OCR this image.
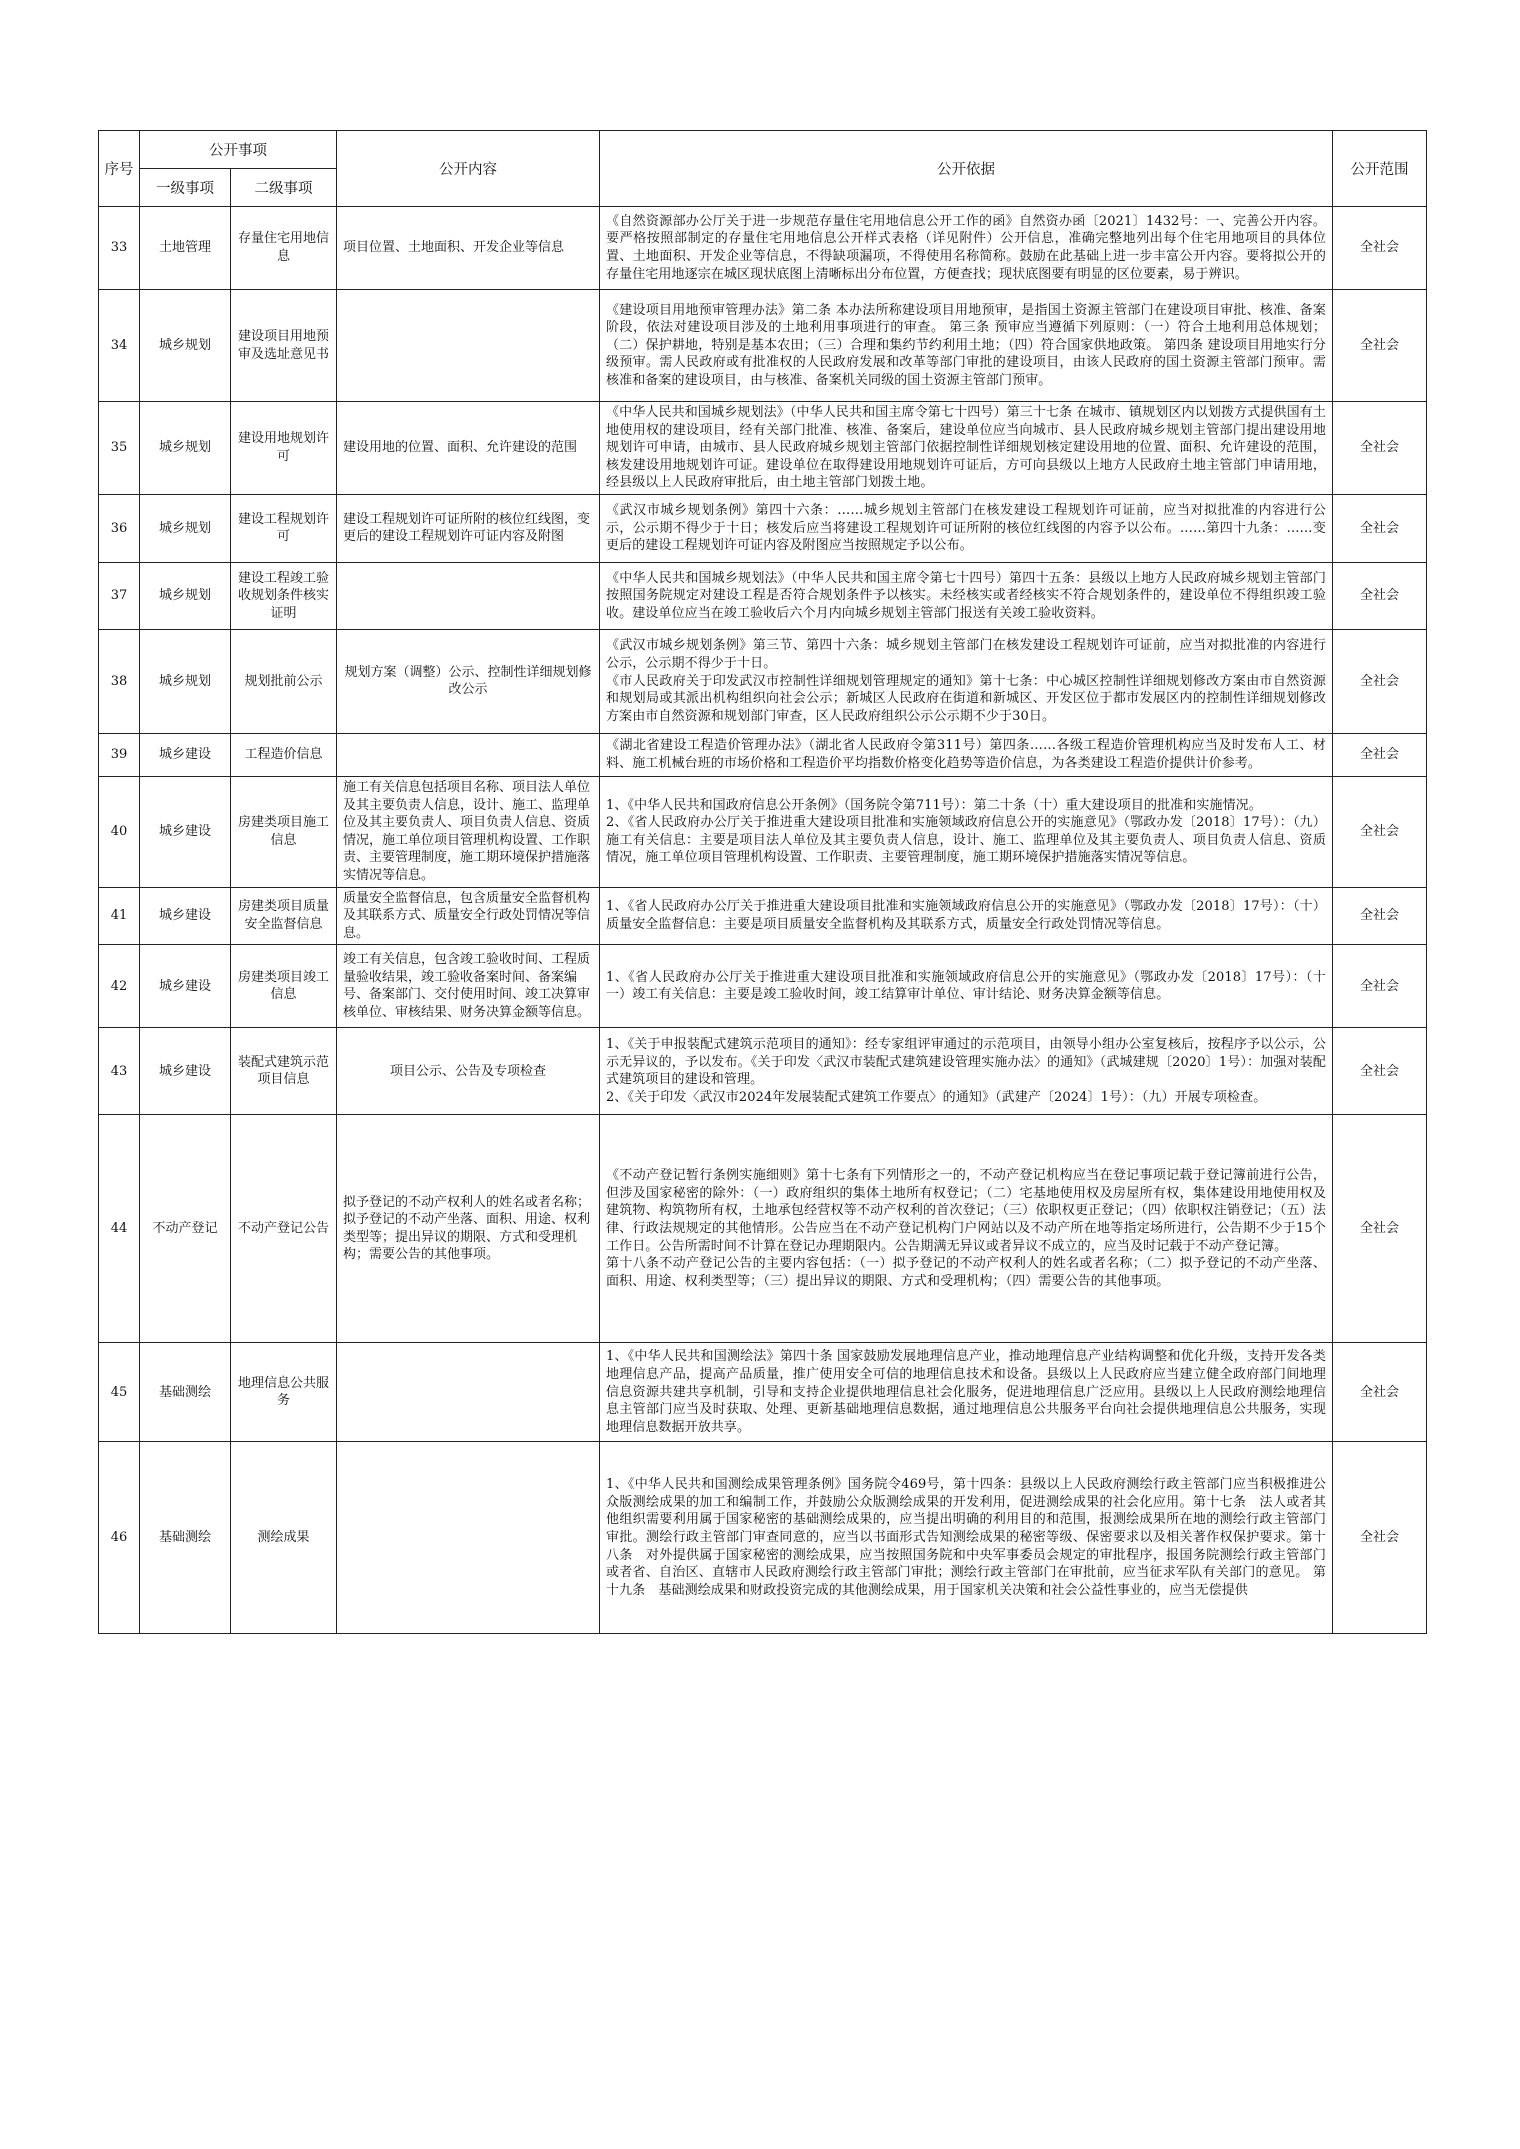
序号	公开事项		公开内容	公开依据	公开范围
	一级事项	二级事项			
33	土地管理	存量住宅用地信息	项目位置、土地面积、开发企业等信息	《自然资源部办公厅关于进一步规范存量住宅用地信息公开工作的函》自然资办函〔2021〕1432号：一、完善公开内容。要严格按照部制定的存量住宅用地信息公开样式表格（详见附件）公开信息，准确完整地列出每个住宅用地项目的具体位置、土地面积、开发企业等信息，不得缺项漏项，不得使用名称简称。鼓励在此基础上进一步丰富公开内容。要将拟公开的存量住宅用地逐宗在城区现状底图上清晰标出分布位置，方便查找；现状底图要有明显的区位要素，易于辨识。	全社会
34	城乡规划	建设项目用地预审及选址意见书		《建设项目用地预审管理办法》第二条 本办法所称建设项目用地预审，是指国土资源主管部门在建设项目审批、核准、备案阶段，依法对建设项目涉及的土地利用事项进行的审查。 第三条 预审应当遵循下列原则：（一）符合土地利用总体规划；（二）保护耕地，特别是基本农田；（三）合理和集约节约利用土地；（四）符合国家供地政策。 第四条 建设项目用地实行分级预审。需人民政府或有批准权的人民政府发展和改革等部门审批的建设项目，由该人民政府的国土资源主管部门预审。需核准和备案的建设项目，由与核准、备案机关同级的国土资源主管部门预审。	全社会
35	城乡规划	建设用地规划许可	建设用地的位置、面积、允许建设的范围	《中华人民共和国城乡规划法》（中华人民共和国主席令第七十四号）第三十七条 在城市、镇规划区内以划拨方式提供国有土地使用权的建设项目，经有关部门批准、核准、备案后，建设单位应当向城市、县人民政府城乡规划主管部门提出建设用地规划许可申请，由城市、县人民政府城乡规划主管部门依据控制性详细规划核定建设用地的位置、面积、允许建设的范围，核发建设用地规划许可证。建设单位在取得建设用地规划许可证后，方可向县级以上地方人民政府土地主管部门申请用地，经县级以上人民政府审批后，由土地主管部门划拨土地。	全社会
36	城乡规划	建设工程规划许可	建设工程规划许可证所附的核位红线图，变更后的建设工程规划许可证内容及附图	《武汉市城乡规划条例》第四十六条：……城乡规划主管部门在核发建设工程规划许可证前，应当对拟批准的内容进行公示，公示期不得少于十日；核发后应当将建设工程规划许可证所附的核位红线图的内容予以公布。……第四十九条：……变更后的建设工程规划许可证内容及附图应当按照规定予以公布。	全社会
37	城乡规划	建设工程竣工验收规划条件核实证明		《中华人民共和国城乡规划法》（中华人民共和国主席令第七十四号）第四十五条：县级以上地方人民政府城乡规划主管部门按照国务院规定对建设工程是否符合规划条件予以核实。未经核实或者经核实不符合规划条件的，建设单位不得组织竣工验收。建设单位应当在竣工验收后六个月内向城乡规划主管部门报送有关竣工验收资料。	全社会
38	城乡规划	规划批前公示	规划方案（调整）公示、控制性详细规划修改公示	《武汉市城乡规划条例》第三节、第四十六条：城乡规划主管部门在核发建设工程规划许可证前，应当对拟批准的内容进行公示，公示期不得少于十日。
《市人民政府关于印发武汉市控制性详细规划管理规定的通知》第十七条：中心城区控制性详细规划修改方案由市自然资源和规划局或其派出机构组织向社会公示；新城区人民政府在街道和新城区、开发区位于都市发展区内的控制性详细规划修改方案由市自然资源和规划部门审查，区人民政府组织公示公示期不少于30日。	全社会
39	城乡建设	工程造价信息		《湖北省建设工程造价管理办法》（湖北省人民政府令第311号）第四条……各级工程造价管理机构应当及时发布人工、材料、施工机械台班的市场价格和工程造价平均指数价格变化趋势等造价信息，为各类建设工程造价提供计价参考。	全社会
40	城乡建设	房建类项目施工信息	施工有关信息包括项目名称、项目法人单位及其主要负责人信息，设计、施工、监理单位及其主要负责人、项目负责人信息、资质情况，施工单位项目管理机构设置、工作职责、主要管理制度，施工期环境保护措施落实情况等信息。	1、《中华人民共和国政府信息公开条例》（国务院令第711号）：第二十条（十）重大建设项目的批准和实施情况。
2、《省人民政府办公厅关于推进重大建设项目批准和实施领域政府信息公开的实施意见》（鄂政办发〔2018〕17号）：（九）施工有关信息：主要是项目法人单位及其主要负责人信息，设计、施工、监理单位及其主要负责人、项目负责人信息、资质情况，施工单位项目管理机构设置、工作职责、主要管理制度，施工期环境保护措施落实情况等信息。	全社会
41	城乡建设	房建类项目质量安全监督信息	质量安全监督信息，包含质量安全监督机构及其联系方式、质量安全行政处罚情况等信息。	1、《省人民政府办公厅关于推进重大建设项目批准和实施领域政府信息公开的实施意见》（鄂政办发〔2018〕17号）：（十）质量安全监督信息：主要是项目质量安全监督机构及其联系方式，质量安全行政处罚情况等信息。	全社会
42	城乡建设	房建类项目竣工信息	竣工有关信息，包含竣工验收时间、工程质量验收结果，竣工验收备案时间、备案编号、备案部门、交付使用时间、竣工决算审核单位、审核结果、财务决算金额等信息。	1、《省人民政府办公厅关于推进重大建设项目批准和实施领域政府信息公开的实施意见》（鄂政办发〔2018〕17号）：（十一）竣工有关信息：主要是竣工验收时间，竣工结算审计单位、审计结论、财务决算金额等信息。	全社会
43	城乡建设	装配式建筑示范项目信息	项目公示、公告及专项检查	1、《关于申报装配式建筑示范项目的通知》：经专家组评审通过的示范项目，由领导小组办公室复核后，按程序予以公示，公示无异议的，予以发布。《关于印发〈武汉市装配式建筑建设管理实施办法〉的通知》（武城建规〔2020〕1号）：加强对装配式建筑项目的建设和管理。
2、《关于印发〈武汉市2024年发展装配式建筑工作要点〉的通知》（武建产〔2024〕1号）：（九）开展专项检查。	全社会
44	不动产登记	不动产登记公告	拟予登记的不动产权利人的姓名或者名称；拟予登记的不动产坐落、面积、用途、权利类型等；提出异议的期限、方式和受理机构；需要公告的其他事项。	《不动产登记暂行条例实施细则》第十七条有下列情形之一的，不动产登记机构应当在登记事项记载于登记簿前进行公告，但涉及国家秘密的除外：（一）政府组织的集体土地所有权登记；（二）宅基地使用权及房屋所有权，集体建设用地使用权及建筑物、构筑物所有权，土地承包经营权等不动产权利的首次登记；（三）依职权更正登记；（四）依职权注销登记；（五）法律、行政法规规定的其他情形。公告应当在不动产登记机构门户网站以及不动产所在地等指定场所进行，公告期不少于15个工作日。公告所需时间不计算在登记办理期限内。公告期满无异议或者异议不成立的，应当及时记载于不动产登记簿。
第十八条不动产登记公告的主要内容包括：（一）拟予登记的不动产权利人的姓名或者名称；（二）拟予登记的不动产坐落、面积、用途、权利类型等；（三）提出异议的期限、方式和受理机构；（四）需要公告的其他事项。	全社会
45	基础测绘	地理信息公共服务		1、《中华人民共和国测绘法》第四十条 国家鼓励发展地理信息产业，推动地理信息产业结构调整和优化升级，支持开发各类地理信息产品，提高产品质量，推广使用安全可信的地理信息技术和设备。县级以上人民政府应当建立健全政府部门间地理信息资源共建共享机制，引导和支持企业提供地理信息社会化服务，促进地理信息广泛应用。县级以上人民政府测绘地理信息主管部门应当及时获取、处理、更新基础地理信息数据，通过地理信息公共服务平台向社会提供地理信息公共服务，实现地理信息数据开放共享。	全社会
46	基础测绘	测绘成果		1、《中华人民共和国测绘成果管理条例》国务院令469号，第十四条：县级以上人民政府测绘行政主管部门应当积极推进公众版测绘成果的加工和编制工作，并鼓励公众版测绘成果的开发利用，促进测绘成果的社会化应用。第十七条　法人或者其他组织需要利用属于国家秘密的基础测绘成果的，应当提出明确的利用目的和范围，报测绘成果所在地的测绘行政主管部门审批。测绘行政主管部门审查同意的，应当以书面形式告知测绘成果的秘密等级、保密要求以及相关著作权保护要求。第十八条　对外提供属于国家秘密的测绘成果，应当按照国务院和中央军事委员会规定的审批程序，报国务院测绘行政主管部门或者省、自治区、直辖市人民政府测绘行政主管部门审批；测绘行政主管部门在审批前，应当征求军队有关部门的意见。 第十九条　基础测绘成果和财政投资完成的其他测绘成果，用于国家机关决策和社会公益性事业的，应当无偿提供	全社会
